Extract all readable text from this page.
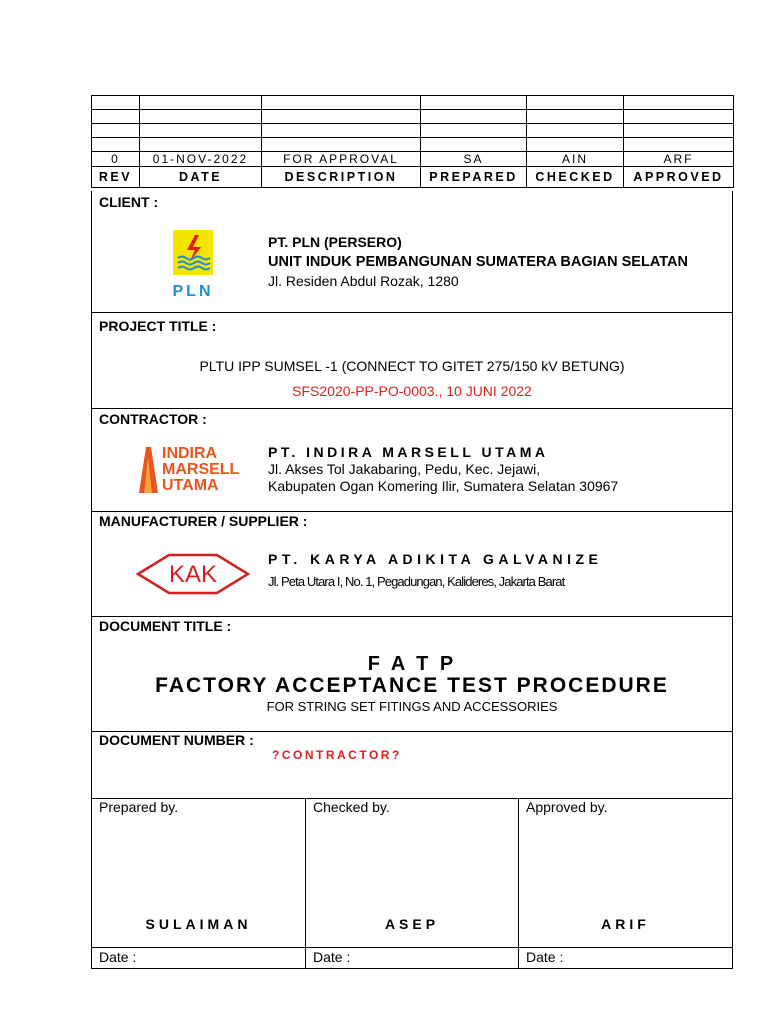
0	01-NOV-2022	FOR APPROVAL	SA	AIN	ARF
REV	DATE	DESCRIPTION	PREPARED	CHECKED	APPROVED
CLIENT :
PLN
PT. PLN (PERSERO)
UNIT INDUK PEMBANGUNAN SUMATERA BAGIAN SELATAN
Jl. Residen Abdul Rozak, 1280
PROJECT TITLE :
PLTU IPP SUMSEL -1 (CONNECT TO GITET 275/150 kV BETUNG)
SFS2020-PP-PO-0003., 10 JUNI 2022
CONTRACTOR :
INDIRA
MARSELL
UTAMA
PT. INDIRA MARSELL UTAMA
Jl. Akses Tol Jakabaring, Pedu, Kec. Jejawi,
Kabupaten Ogan Komering Ilir, Sumatera Selatan 30967
MANUFACTURER / SUPPLIER :
KAK
PT. KARYA ADIKITA GALVANIZE
Jl. Peta Utara I, No. 1, Pegadungan, Kalideres, Jakarta Barat
DOCUMENT TITLE :
F A T P
FACTORY ACCEPTANCE TEST PROCEDURE
FOR STRING SET FITINGS AND ACCESSORIES
DOCUMENT NUMBER :
?CONTRACTOR?
Prepared by.
SULAIMAN
Date :
Checked by.
ASEP
Date :
Approved by.
ARIF
Date :
